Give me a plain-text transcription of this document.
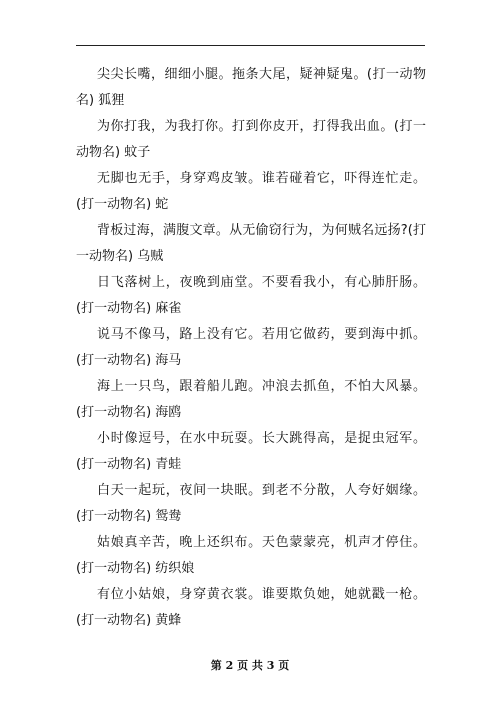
尖尖长嘴，细细小腿。拖条大尾，疑神疑鬼。(打一动物名) 狐狸

为你打我，为我打你。打到你皮开，打得我出血。(打一动物名) 蚊子

无脚也无手，身穿鸡皮皱。谁若碰着它，吓得连忙走。(打一动物名) 蛇

背板过海，满腹文章。从无偷窃行为，为何贼名远扬?(打一动物名) 乌贼

日飞落树上，夜晚到庙堂。不要看我小，有心肺肝肠。(打一动物名) 麻雀

说马不像马，路上没有它。若用它做药，要到海中抓。(打一动物名) 海马

海上一只鸟，跟着船儿跑。冲浪去抓鱼，不怕大风暴。(打一动物名) 海鸥

小时像逗号，在水中玩耍。长大跳得高，是捉虫冠军。(打一动物名) 青蛙

白天一起玩，夜间一块眠。到老不分散，人夸好姻缘。(打一动物名) 鸳鸯

姑娘真辛苦，晚上还织布。天色蒙蒙亮，机声才停住。(打一动物名) 纺织娘

有位小姑娘，身穿黄衣裳。谁要欺负她，她就戳一枪。(打一动物名) 黄蜂

第 2 页 共 3 页
